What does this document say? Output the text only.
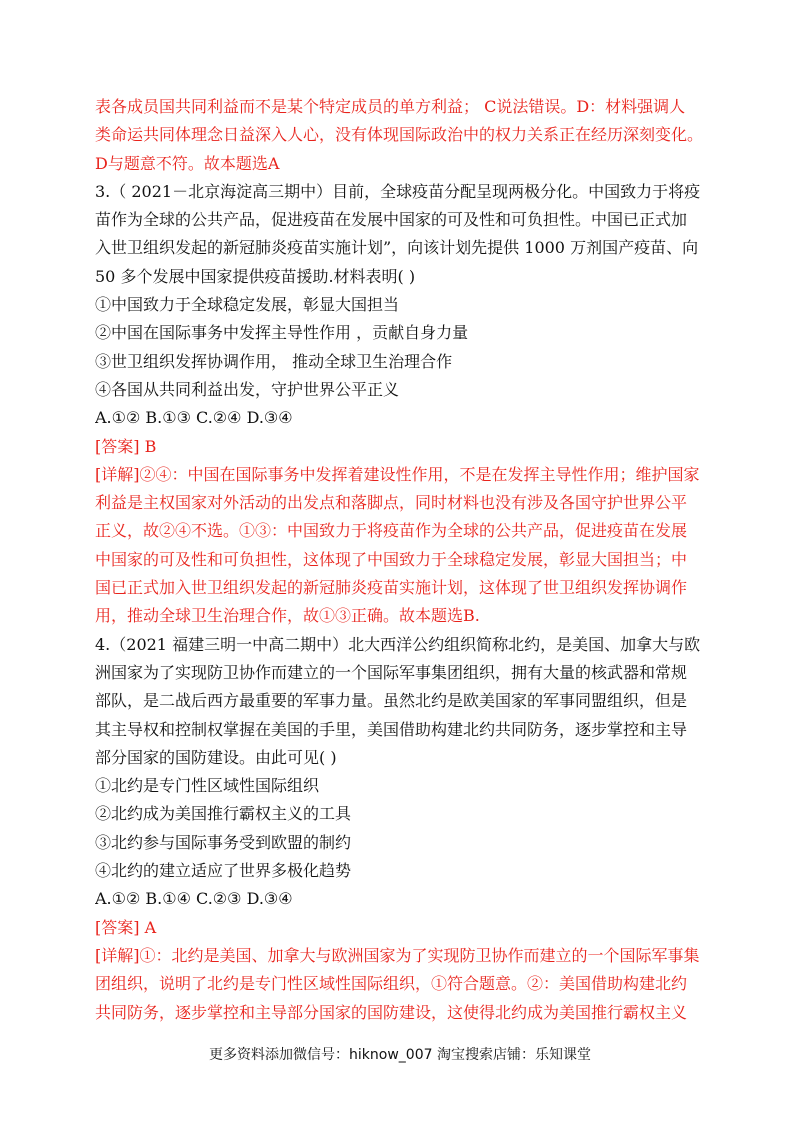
表各成员国共同利益而不是某个特定成员的单方利益； C说法错误。D：材料强调人
类命运共同体理念日益深入人心，没有体现国际政治中的权力关系正在经历深刻变化。
D与题意不符。故本题选A
3.（ 2021－北京海淀高三期中）目前，全球疫苗分配呈现两极分化。中国致力于将疫
苗作为全球的公共产品，促进疫苗在发展中国家的可及性和可负担性。中国已正式加
入世卫组织发起的新冠肺炎疫苗实施计划”，向该计划先提供 1000 万剂国产疫苗、向
50 多个发展中国家提供疫苗援助.材料表明( )
①中国致力于全球稳定发展，彰显大国担当
②中国在国际事务中发挥主导性作用 ，贡献自身力量
③世卫组织发挥协调作用， 推动全球卫生治理合作
④各国从共同利益出发，守护世界公平正义
A.①② B.①③ C.②④ D.③④
[答案] B
[详解]②④：中国在国际事务中发挥着建设性作用，不是在发挥主导性作用；维护国家
利益是主权国家对外活动的出发点和落脚点，同时材料也没有涉及各国守护世界公平
正义，故②④不选。①③：中国致力于将疫苗作为全球的公共产品，促进疫苗在发展
中国家的可及性和可负担性，这体现了中国致力于全球稳定发展，彰显大国担当；中
国已正式加入世卫组织发起的新冠肺炎疫苗实施计划，这体现了世卫组织发挥协调作
用，推动全球卫生治理合作，故①③正确。故本题选B.
4.（2021 福建三明一中高二期中）北大西洋公约组织简称北约，是美国、加拿大与欧
洲国家为了实现防卫协作而建立的一个国际军事集团组织，拥有大量的核武器和常规
部队，是二战后西方最重要的军事力量。虽然北约是欧美国家的军事同盟组织，但是
其主导权和控制权掌握在美国的手里，美国借助构建北约共同防务，逐步掌控和主导
部分国家的国防建设。由此可见( )
①北约是专门性区域性国际组织
②北约成为美国推行霸权主义的工具
③北约参与国际事务受到欧盟的制约
④北约的建立适应了世界多极化趋势
A.①② B.①④ C.②③ D.③④
[答案] A
[详解]①：北约是美国、加拿大与欧洲国家为了实现防卫协作而建立的一个国际军事集
团组织，说明了北约是专门性区域性国际组织，①符合题意。②：美国借助构建北约
共同防务，逐步掌控和主导部分国家的国防建设，这使得北约成为美国推行霸权主义
更多资料添加微信号：hiknow_007 淘宝搜索店铺：乐知课堂
